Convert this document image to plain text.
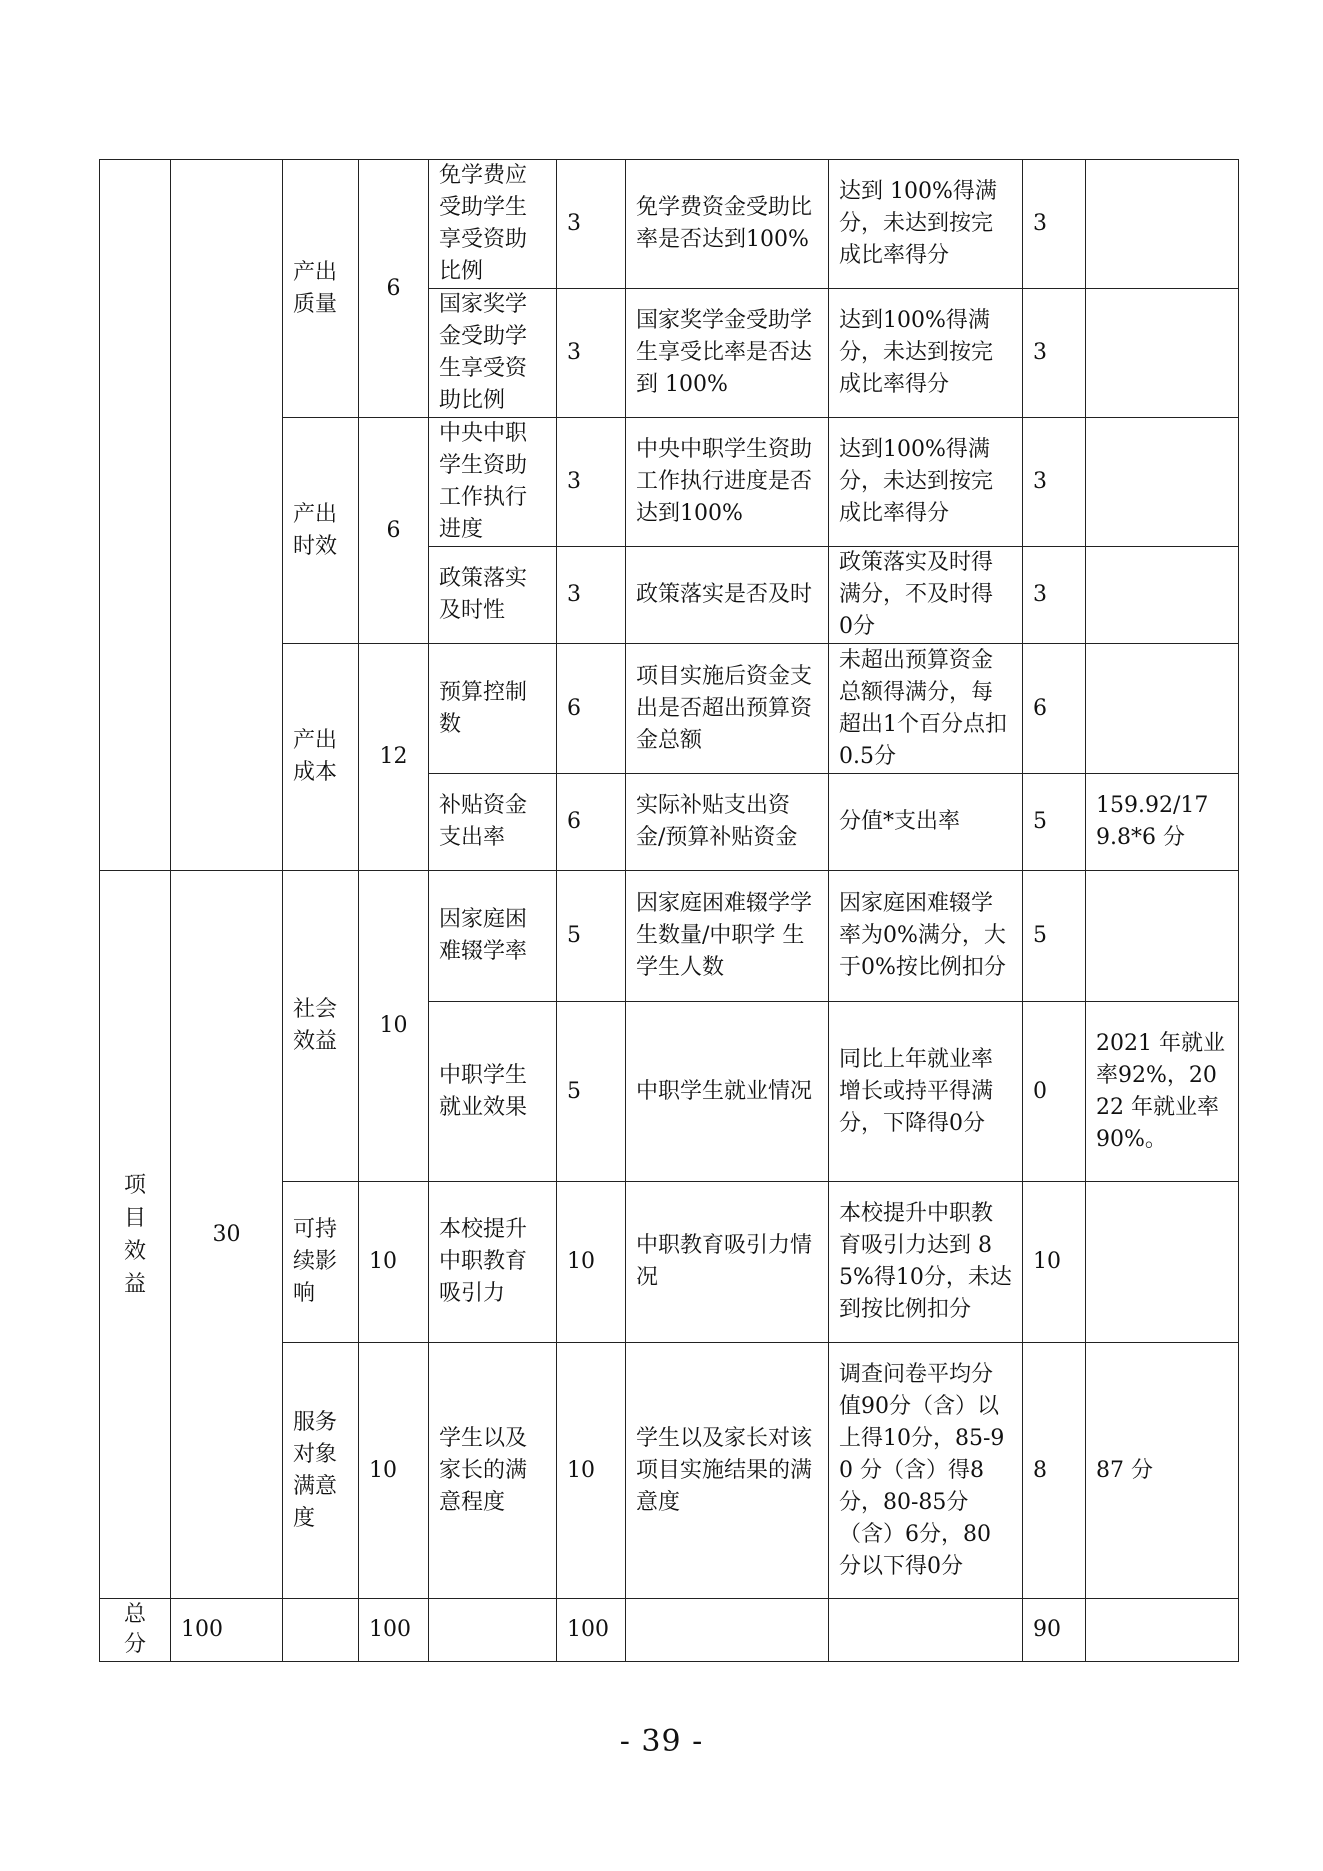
		产出质量	6	免学费应受助学生享受资助比例	3	免学费资金受助比率是否达到100%	达到 100%得满分，未达到按完成比率得分	3	
				国家奖学金受助学生享受资助比例	3	国家奖学金受助学生享受比率是否达到 100%	达到100%得满分，未达到按完成比率得分	3	
		产出时效	6	中央中职学生资助工作执行进度	3	中央中职学生资助工作执行进度是否达到100%	达到100%得满分，未达到按完成比率得分	3	
				政策落实及时性	3	政策落实是否及时	政策落实及时得满分，不及时得 0分	3	
		产出成本	12	预算控制数	6	项目实施后资金支出是否超出预算资金总额	未超出预算资金总额得满分，每超出1个百分点扣0.5分	6	
				补贴资金支出率	6	实际补贴支出资金/预算补贴资金	分值*支出率	5	159.92/179.8*6 分
项目效益	30	社会效益	10	因家庭困难辍学率	5	因家庭困难辍学学生数量/中职学 生学生人数	因家庭困难辍学率为0%满分，大于0%按比例扣分	5	
				中职学生就业效果	5	中职学生就业情况	同比上年就业率增长或持平得满分，下降得0分	0	2021 年就业率92%，2022 年就业率 90%。
		可持续影响	10	本校提升中职教育吸引力	10	中职教育吸引力情况	本校提升中职教育吸引力达到 85%得10分，未达到按比例扣分	10	
		服务对象满意度	10	学生以及家长的满意程度	10	学生以及家长对该项目实施结果的满意度	调查问卷平均分值90分（含）以上得10分，85-90 分（含）得8分，80-85分（含）6分，80分以下得0分	8	87 分
总分	100		100		100			90	
- 39 -
